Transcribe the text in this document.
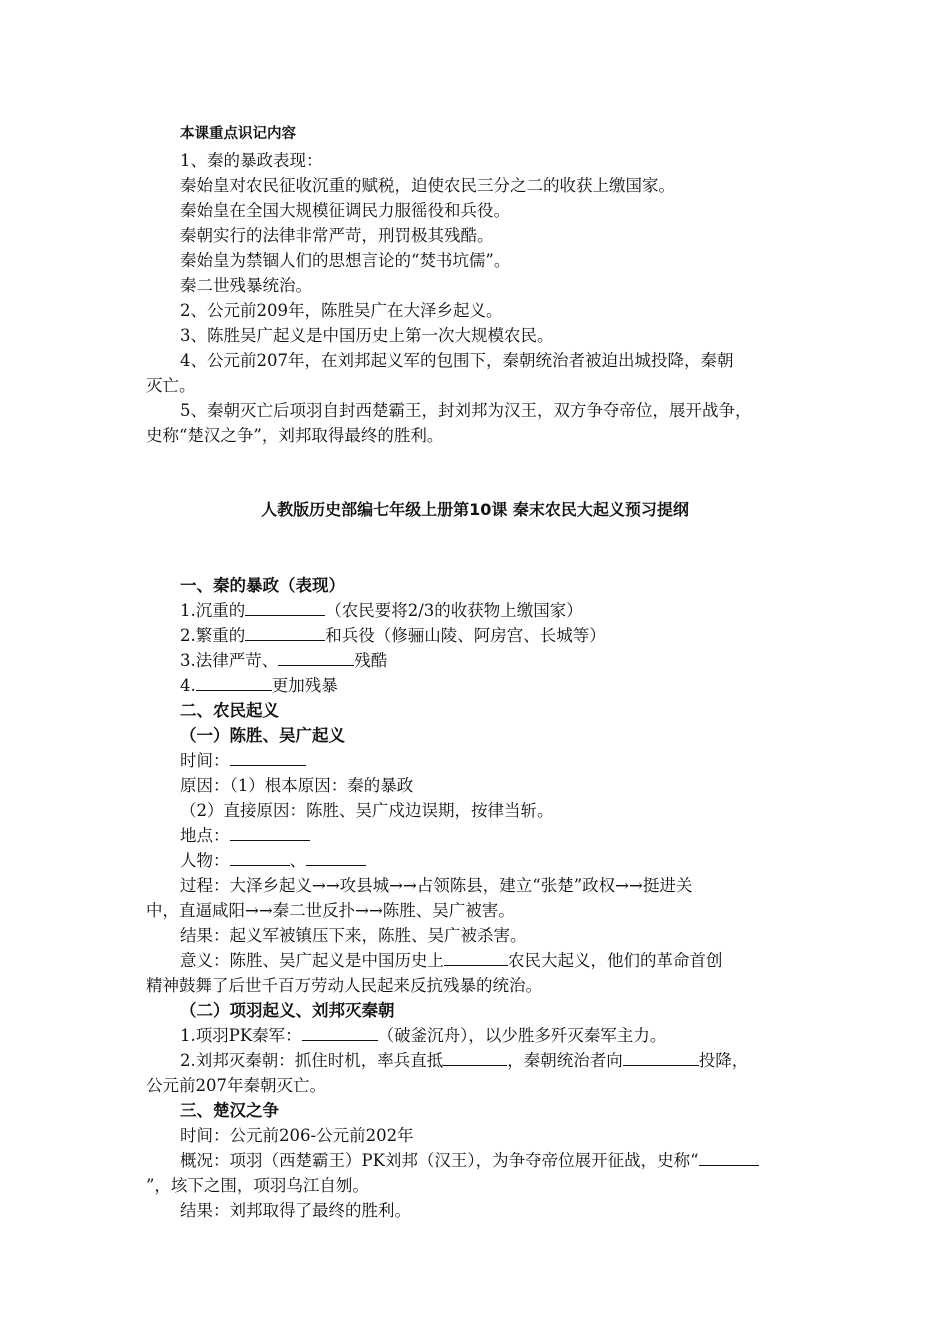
本课重点识记内容
1、秦的暴政表现：
秦始皇对农民征收沉重的赋税，迫使农民三分之二的收获上缴国家。
秦始皇在全国大规模征调民力服徭役和兵役。
秦朝实行的法律非常严苛，刑罚极其残酷。
秦始皇为禁锢人们的思想言论的“焚书坑儒”。
秦二世残暴统治。
2、公元前209年，陈胜吴广在大泽乡起义。
3、陈胜吴广起义是中国历史上第一次大规模农民。
4、公元前207年，在刘邦起义军的包围下，秦朝统治者被迫出城投降，秦朝
灭亡。
5、秦朝灭亡后项羽自封西楚霸王，封刘邦为汉王，双方争夺帝位，展开战争，
史称“楚汉之争”，刘邦取得最终的胜利。
人教版历史部编七年级上册第10课 秦末农民大起义预习提纲
一、秦的暴政（表现）
1.沉重的	（农民要将2/3的收获物上缴国家）
2.繁重的	和兵役（修骊山陵、阿房宫、长城等）
3.法律严苛、	残酷
4.	更加残暴
二、农民起义
（一）陈胜、吴广起义
时间：
原因：（1）根本原因：秦的暴政
（2）直接原因：陈胜、吴广戍边误期，按律当斩。
地点：
人物：	、
过程：大泽乡起义→→攻县城→→占领陈县，建立“张楚”政权→→挺进关
中，直逼咸阳→→秦二世反扑→→陈胜、吴广被害。
结果：起义军被镇压下来，陈胜、吴广被杀害。
意义：陈胜、吴广起义是中国历史上	农民大起义，他们的革命首创
精神鼓舞了后世千百万劳动人民起来反抗残暴的统治。
（二）项羽起义、刘邦灭秦朝
1.项羽PK秦军：	（破釜沉舟），以少胜多歼灭秦军主力。
2.刘邦灭秦朝：抓住时机，率兵直抵	，秦朝统治者向	投降，
公元前207年秦朝灭亡。
三、楚汉之争
时间：公元前206-公元前202年
概况：项羽（西楚霸王）PK刘邦（汉王），为争夺帝位展开征战，史称“
”，垓下之围，项羽乌江自刎。
结果：刘邦取得了最终的胜利。
